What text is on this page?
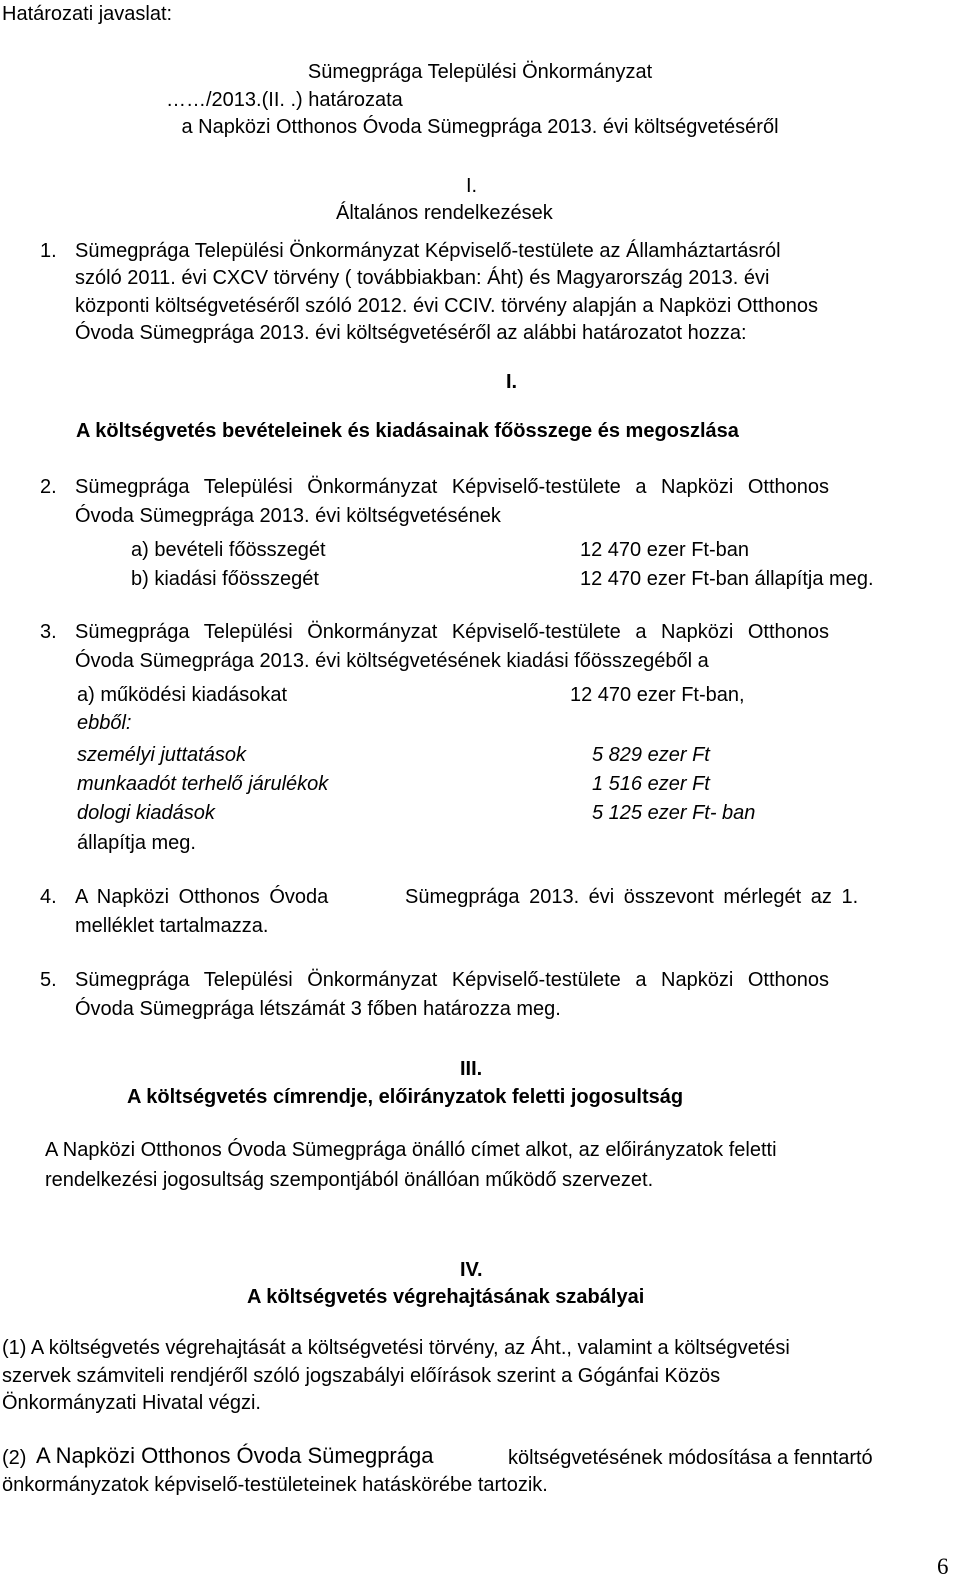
Határozati javaslat:
Sümegprága Települési Önkormányzat
……/2013.(II. .) határozata
a Napközi Otthonos Óvoda Sümegprága 2013. évi költségvetéséről
I.
Általános rendelkezések
1. Sümegprága Települési Önkormányzat Képviselő-testülete az Államháztartásról
szóló 2011. évi CXCV törvény ( továbbiakban: Áht) és Magyarország 2013. évi
központi költségvetéséről szóló 2012. évi CCIV. törvény alapján a Napközi Otthonos
Óvoda Sümegprága 2013. évi költségvetéséről az alábbi határozatot hozza:
I.
A költségvetés bevételeinek és kiadásainak főösszege és megoszlása
2. Sümegprága Települési Önkormányzat Képviselő-testülete a Napközi Otthonos
Óvoda Sümegprága 2013. évi költségvetésének
a) bevételi főösszegét	12 470 ezer Ft-ban
b) kiadási főösszegét	12 470 ezer Ft-ban állapítja meg.
3. Sümegprága Települési Önkormányzat Képviselő-testülete a Napközi Otthonos
Óvoda Sümegprága 2013. évi költségvetésének kiadási főösszegéből a
a) működési kiadásokat	12 470 ezer Ft-ban,
ebből:
személyi juttatások	5 829 ezer Ft
munkaadót terhelő járulékok	1 516 ezer Ft
dologi kiadások	5 125 ezer Ft- ban
állapítja meg.
4. A Napközi Otthonos Óvoda	Sümegprága 2013. évi összevont mérlegét az 1.
melléklet tartalmazza.
5. Sümegprága Települési Önkormányzat Képviselő-testülete a Napközi Otthonos
Óvoda Sümegprága létszámát 3 főben határozza meg.
III.
A költségvetés címrendje, előirányzatok feletti jogosultság
A Napközi Otthonos Óvoda Sümegprága önálló címet alkot, az előirányzatok feletti
rendelkezési jogosultság szempontjából önállóan működő szervezet.
IV.
A költségvetés végrehajtásának szabályai
(1) A költségvetés végrehajtását a költségvetési törvény, az Áht., valamint a költségvetési
szervek számviteli rendjéről szóló jogszabályi előírások szerint a Gógánfai Közös
Önkormányzati Hivatal végzi.
(2) A Napközi Otthonos Óvoda Sümegprága	költségvetésének módosítása a fenntartó
önkormányzatok képviselő-testületeinek hatáskörébe tartozik.
6
